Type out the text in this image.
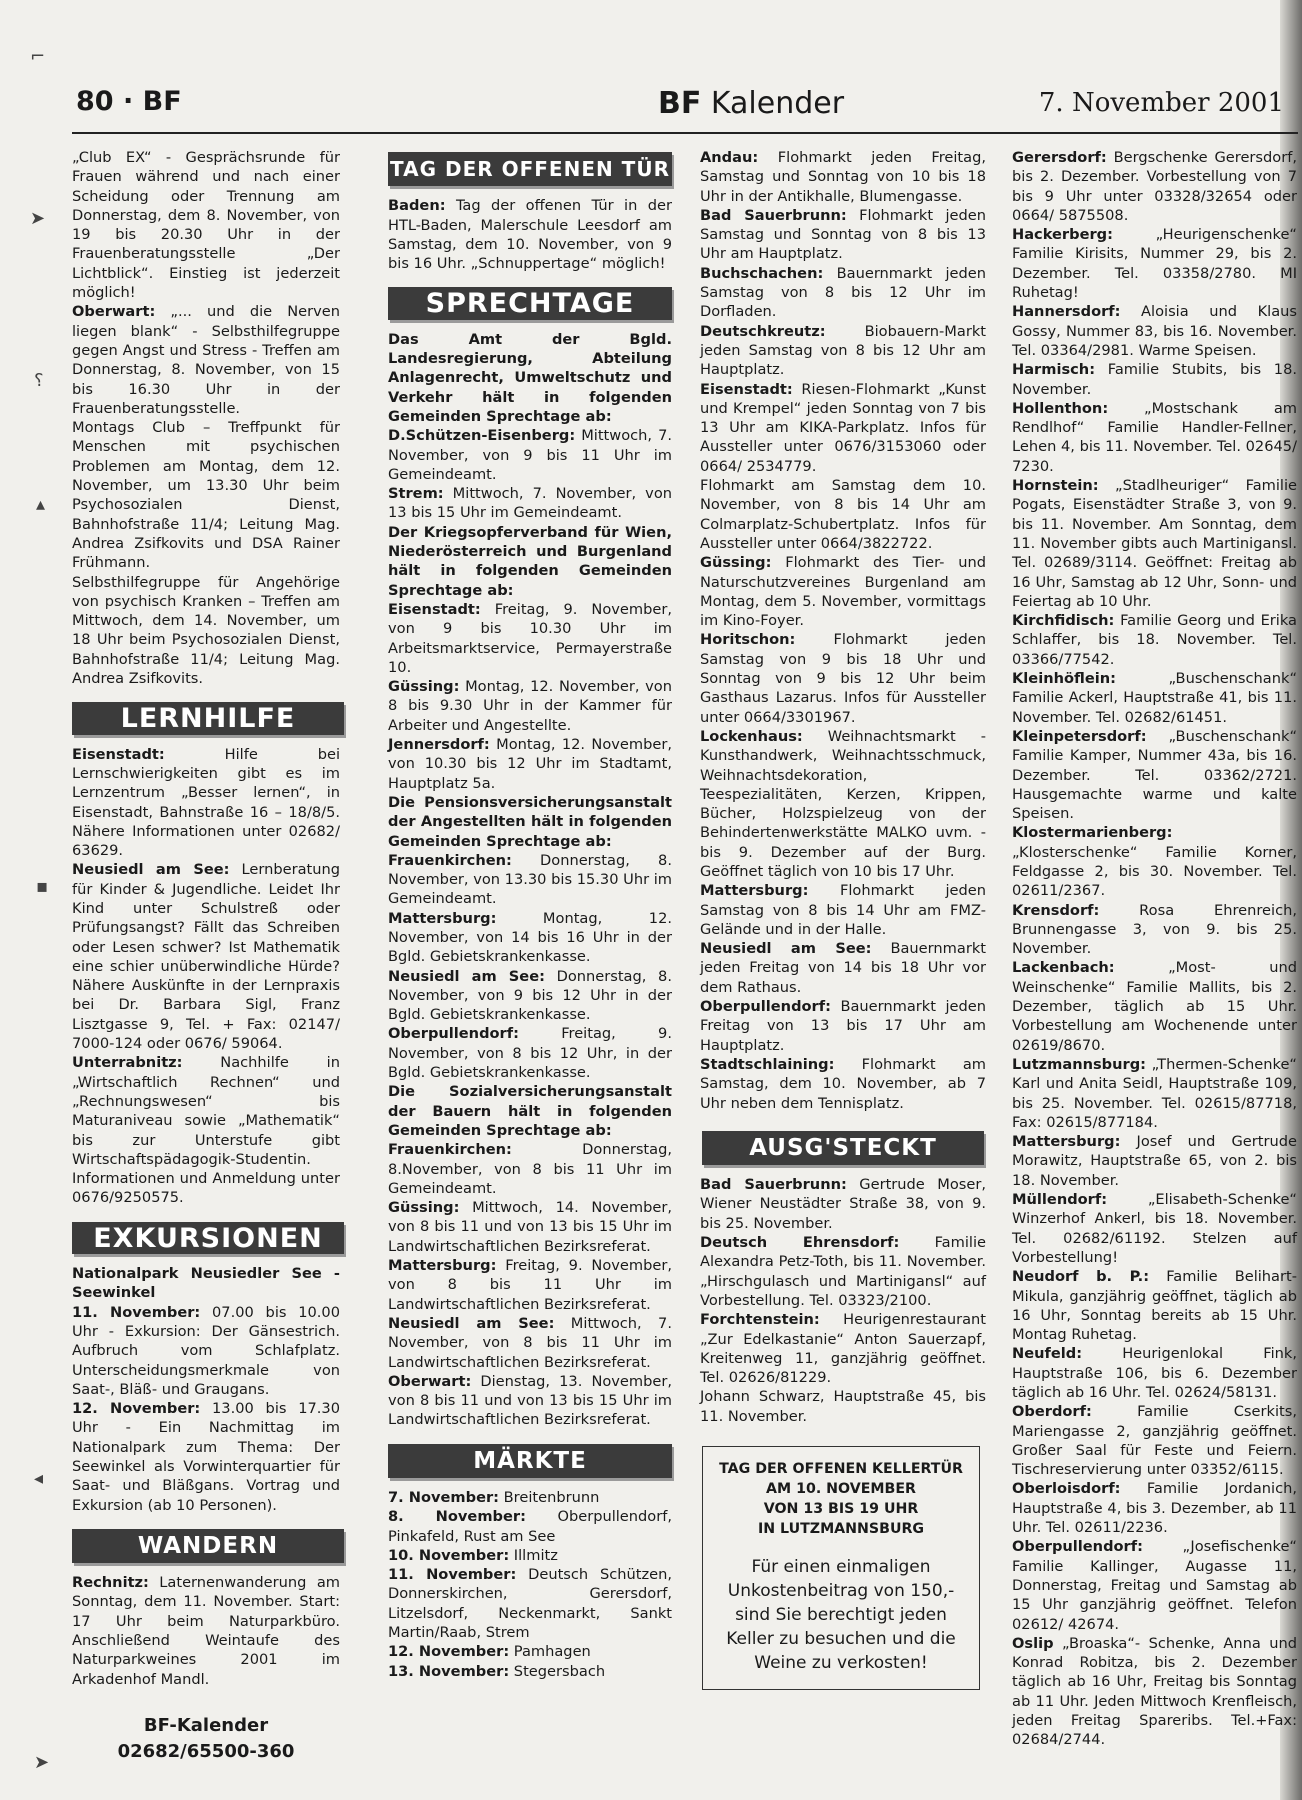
⌐
➤
⸮
▴
▪
◂
➤
80 · BF	BF Kalender	7. November 2001

„Club EX“ - Gesprächsrunde für Frauen während und nach einer Scheidung oder Trennung am Donnerstag, dem 8. November, von 19 bis 20.30 Uhr in der Frauenberatungsstelle „Der Lichtblick“. Einstieg ist jederzeit möglich!

Oberwart: „... und die Nerven liegen blank“ - Selbsthilfegruppe gegen Angst und Stress - Treffen am Donnerstag, 8. November, von 15 bis 16.30 Uhr in der Frauenberatungsstelle.

Montags Club – Treffpunkt für Menschen mit psychischen Problemen am Montag, dem 12. November, um 13.30 Uhr beim Psychosozialen Dienst, Bahnhofstraße 11/4; Leitung Mag. Andrea Zsifkovits und DSA Rainer Frühmann.

Selbsthilfegruppe für Angehörige von psychisch Kranken – Treffen am Mittwoch, dem 14. November, um 18 Uhr beim Psychosozialen Dienst, Bahnhofstraße 11/4; Leitung Mag. Andrea Zsifkovits.

LERNHILFE

Eisenstadt: Hilfe bei Lernschwierigkeiten gibt es im Lernzentrum „Besser lernen“, in Eisenstadt, Bahnstraße 16 – 18/8/5. Nähere Informationen unter 02682/ 63629.

Neusiedl am See: Lernberatung für Kinder & Jugendliche. Leidet Ihr Kind unter Schulstreß oder Prüfungsangst? Fällt das Schreiben oder Lesen schwer? Ist Mathematik eine schier unüberwindliche Hürde? Nähere Auskünfte in der Lernpraxis bei Dr. Barbara Sigl, Franz Lisztgasse 9, Tel. + Fax: 02147/ 7000-124 oder 0676/ 59064.

Unterrabnitz: Nachhilfe in „Wirtschaftlich Rechnen“ und „Rechnungswesen“ bis Maturaniveau sowie „Mathematik“ bis zur Unterstufe gibt Wirtschaftspädagogik-Studentin. Informationen und Anmeldung unter 0676/9250575.

EXKURSIONEN

Nationalpark Neusiedler See - Seewinkel

11. November: 07.00 bis 10.00 Uhr - Exkursion: Der Gänsestrich. Aufbruch vom Schlafplatz. Unterscheidungsmerkmale von Saat-, Bläß- und Graugans.

12. November: 13.00 bis 17.30 Uhr - Ein Nachmittag im Nationalpark zum Thema: Der Seewinkel als Vorwinterquartier für Saat- und Bläßgans. Vortrag und Exkursion (ab 10 Personen).

WANDERN

Rechnitz: Laternenwanderung am Sonntag, dem 11. November. Start: 17 Uhr beim Naturparkbüro. Anschließend Weintaufe des Naturparkweines 2001 im Arkadenhof Mandl.

BF-Kalender
02682/65500-360
TAG DER OFFENEN TÜR

Baden: Tag der offenen Tür in der HTL-Baden, Malerschule Leesdorf am Samstag, dem 10. November, von 9 bis 16 Uhr. „Schnuppertage“ möglich!

SPRECHTAGE

Das Amt der Bgld. Landesregierung, Abteilung Anlagenrecht, Umweltschutz und Verkehr hält in folgenden Gemeinden Sprechtage ab:

D.Schützen-Eisenberg: Mittwoch, 7. November, von 9 bis 11 Uhr im Gemeindeamt.

Strem: Mittwoch, 7. November, von 13 bis 15 Uhr im Gemeindeamt.

Der Kriegsopferverband für Wien, Niederösterreich und Burgenland hält in folgenden Gemeinden Sprechtage ab:

Eisenstadt: Freitag, 9. November, von 9 bis 10.30 Uhr im Arbeitsmarktservice, Permayerstraße 10.

Güssing: Montag, 12. November, von 8 bis 9.30 Uhr in der Kammer für Arbeiter und Angestellte.

Jennersdorf: Montag, 12. November, von 10.30 bis 12 Uhr im Stadtamt, Hauptplatz 5a.

Die Pensionsversicherungsanstalt der Angestellten hält in folgenden Gemeinden Sprechtage ab:

Frauenkirchen: Donnerstag, 8. November, von 13.30 bis 15.30 Uhr im Gemeindeamt.

Mattersburg: Montag, 12. November, von 14 bis 16 Uhr in der Bgld. Gebietskrankenkasse.

Neusiedl am See: Donnerstag, 8. November, von 9 bis 12 Uhr in der Bgld. Gebietskrankenkasse.

Oberpullendorf: Freitag, 9. November, von 8 bis 12 Uhr, in der Bgld. Gebietskrankenkasse.

Die Sozialversicherungsanstalt der Bauern hält in folgenden Gemeinden Sprechtage ab:

Frauenkirchen: Donnerstag, 8.November, von 8 bis 11 Uhr im Gemeindeamt.

Güssing: Mittwoch, 14. November, von 8 bis 11 und von 13 bis 15 Uhr im Landwirtschaftlichen Bezirksreferat.

Mattersburg: Freitag, 9. November, von 8 bis 11 Uhr im Landwirtschaftlichen Bezirksreferat.

Neusiedl am See: Mittwoch, 7. November, von 8 bis 11 Uhr im Landwirtschaftlichen Bezirksreferat.

Oberwart: Dienstag, 13. November, von 8 bis 11 und von 13 bis 15 Uhr im Landwirtschaftlichen Bezirksreferat.

MÄRKTE

7. November: Breitenbrunn

8. November: Oberpullendorf, Pinkafeld, Rust am See

10. November: Illmitz

11. November: Deutsch Schützen, Donnerskirchen, Gerersdorf, Litzelsdorf, Neckenmarkt, Sankt Martin/Raab, Strem

12. November: Pamhagen

13. November: Stegersbach

Andau: Flohmarkt jeden Freitag, Samstag und Sonntag von 10 bis 18 Uhr in der Antikhalle, Blumengasse.

Bad Sauerbrunn: Flohmarkt jeden Samstag und Sonntag von 8 bis 13 Uhr am Hauptplatz.

Buchschachen: Bauernmarkt jeden Samstag von 8 bis 12 Uhr im Dorfladen.

Deutschkreutz: Biobauern-Markt jeden Samstag von 8 bis 12 Uhr am Hauptplatz.

Eisenstadt: Riesen-Flohmarkt „Kunst und Krempel“ jeden Sonntag von 7 bis 13 Uhr am KIKA-Parkplatz. Infos für Aussteller unter 0676/3153060 oder 0664/ 2534779.

Flohmarkt am Samstag dem 10. November, von 8 bis 14 Uhr am Colmarplatz-Schubertplatz. Infos für Aussteller unter 0664/3822722.

Güssing: Flohmarkt des Tier- und Naturschutzvereines Burgenland am Montag, dem 5. November, vormittags im Kino-Foyer.

Horitschon: Flohmarkt jeden Samstag von 9 bis 18 Uhr und Sonntag von 9 bis 12 Uhr beim Gasthaus Lazarus. Infos für Aussteller unter 0664/3301967.

Lockenhaus: Weihnachtsmarkt - Kunsthandwerk, Weihnachtsschmuck, Weihnachtsdekoration, Teespezialitäten, Kerzen, Krippen, Bücher, Holzspielzeug von der Behindertenwerkstätte MALKO uvm. - bis 9. Dezember auf der Burg. Geöffnet täglich von 10 bis 17 Uhr.

Mattersburg: Flohmarkt jeden Samstag von 8 bis 14 Uhr am FMZ-Gelände und in der Halle.

Neusiedl am See: Bauernmarkt jeden Freitag von 14 bis 18 Uhr vor dem Rathaus.

Oberpullendorf: Bauernmarkt jeden Freitag von 13 bis 17 Uhr am Hauptplatz.

Stadtschlaining: Flohmarkt am Samstag, dem 10. November, ab 7 Uhr neben dem Tennisplatz.

AUSG'STECKT

Bad Sauerbrunn: Gertrude Moser, Wiener Neustädter Straße 38, von 9. bis 25. November.

Deutsch Ehrensdorf: Familie Alexandra Petz-Toth, bis 11. November. „Hirschgulasch und Martinigansl“ auf Vorbestellung. Tel. 03323/2100.

Forchtenstein: Heurigenrestaurant „Zur Edelkastanie“ Anton Sauerzapf, Kreitenweg 11, ganzjährig geöffnet. Tel. 02626/81229.

Johann Schwarz, Hauptstraße 45, bis 11. November.

TAG DER OFFENEN KELLERTÜR
AM 10. NOVEMBER
VON 13 BIS 19 UHR
IN LUTZMANNSBURG
Für einen einmaligen Unkostenbeitrag von 150,- sind Sie berechtigt jeden Keller zu besuchen und die Weine zu verkosten!

Gerersdorf: Bergschenke Gerersdorf, bis 2. Dezember. Vorbestellung von 7 bis 9 Uhr unter 03328/32654 oder 0664/ 5875508.

Hackerberg: „Heurigenschenke“ Familie Kirisits, Nummer 29, bis 2. Dezember. Tel. 03358/2780. MI Ruhetag!

Hannersdorf: Aloisia und Klaus Gossy, Nummer 83, bis 16. November. Tel. 03364/2981. Warme Speisen.

Harmisch: Familie Stubits, bis 18. November.

Hollenthon: „Mostschank am Rendlhof“ Familie Handler-Fellner, Lehen 4, bis 11. November. Tel. 02645/ 7230.

Hornstein: „Stadlheuriger“ Familie Pogats, Eisenstädter Straße 3, von 9. bis 11. November. Am Sonntag, dem 11. November gibts auch Martinigansl. Tel. 02689/3114. Geöffnet: Freitag ab 16 Uhr, Samstag ab 12 Uhr, Sonn- und Feiertag ab 10 Uhr.

Kirchfidisch: Familie Georg und Erika Schlaffer, bis 18. November. Tel. 03366/77542.

Kleinhöflein: „Buschenschank“ Familie Ackerl, Hauptstraße 41, bis 11. November. Tel. 02682/61451.

Kleinpetersdorf: „Buschenschank“ Familie Kamper, Nummer 43a, bis 16. Dezember. Tel. 03362/2721. Hausgemachte warme und kalte Speisen.

Klostermarienberg: „Klosterschenke“ Familie Korner, Feldgasse 2, bis 30. November. Tel. 02611/2367.

Krensdorf: Rosa Ehrenreich, Brunnengasse 3, von 9. bis 25. November.

Lackenbach: „Most- und Weinschenke“ Familie Mallits, bis 2. Dezember, täglich ab 15 Uhr. Vorbestellung am Wochenende unter 02619/8670.

Lutzmannsburg: „Thermen-Schenke“ Karl und Anita Seidl, Hauptstraße 109, bis 25. November. Tel. 02615/87718, Fax: 02615/877184.

Mattersburg: Josef und Gertrude Morawitz, Hauptstraße 65, von 2. bis 18. November.

Müllendorf: „Elisabeth-Schenke“ Winzerhof Ankerl, bis 18. November. Tel. 02682/61192. Stelzen auf Vorbestellung!

Neudorf b. P.: Familie Belihart-Mikula, ganzjährig geöffnet, täglich ab 16 Uhr, Sonntag bereits ab 15 Uhr. Montag Ruhetag.

Neufeld: Heurigenlokal Fink, Hauptstraße 106, bis 6. Dezember täglich ab 16 Uhr. Tel. 02624/58131.

Oberdorf: Familie Cserkits, Mariengasse 2, ganzjährig geöffnet. Großer Saal für Feste und Feiern. Tischreservierung unter 03352/6115.

Oberloisdorf: Familie Jordanich, Hauptstraße 4, bis 3. Dezember, ab 11 Uhr. Tel. 02611/2236.

Oberpullendorf: „Josefischenke“ Familie Kallinger, Augasse 11, Donnerstag, Freitag und Samstag ab 15 Uhr ganzjährig geöffnet. Telefon 02612/ 42674.

Oslip „Broaska“- Schenke, Anna und Konrad Robitza, bis 2. Dezember täglich ab 16 Uhr, Freitag bis Sonntag ab 11 Uhr. Jeden Mittwoch Krenfleisch, jeden Freitag Spareribs. Tel.+Fax: 02684/2744.
